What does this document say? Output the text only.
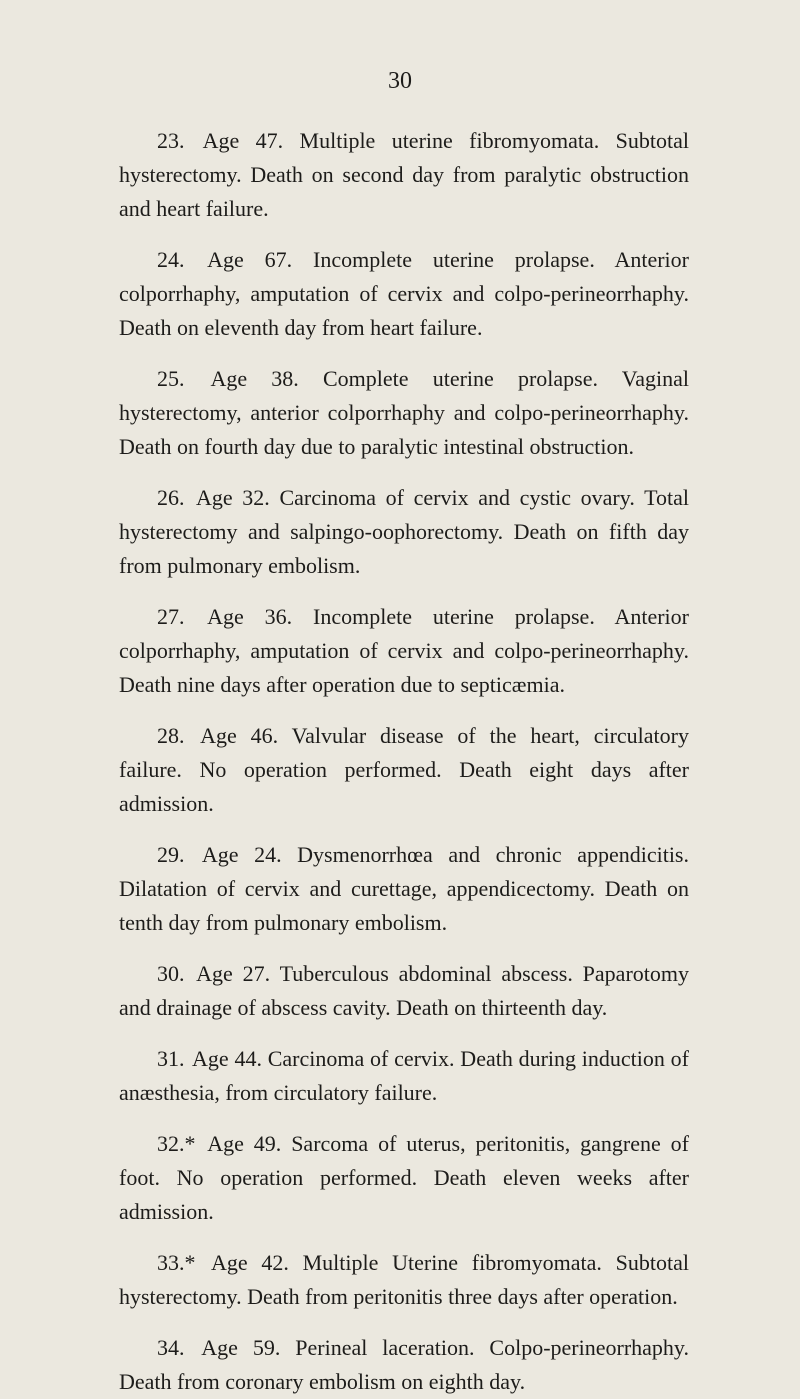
30

23. Age 47. Multiple uterine fibromyomata. Subtotal hysterectomy. Death on second day from paralytic obstruction and heart failure.

24. Age 67. Incomplete uterine prolapse. Anterior colporrhaphy, amputation of cervix and colpo-perineorrhaphy. Death on eleventh day from heart failure.

25. Age 38. Complete uterine prolapse. Vaginal hysterectomy, anterior colporrhaphy and colpo-perineorrhaphy. Death on fourth day due to paralytic intestinal obstruction.

26. Age 32. Carcinoma of cervix and cystic ovary. Total hysterectomy and salpingo-oophorectomy. Death on fifth day from pulmonary embolism.

27. Age 36. Incomplete uterine prolapse. Anterior colporrhaphy, amputation of cervix and colpo-perineorrhaphy. Death nine days after operation due to septicæmia.

28. Age 46. Valvular disease of the heart, circulatory failure. No operation performed. Death eight days after admission.

29. Age 24. Dysmenorrhœa and chronic appendicitis. Dilatation of cervix and curettage, appendicectomy. Death on tenth day from pulmonary embolism.

30. Age 27. Tuberculous abdominal abscess. Paparotomy and drainage of abscess cavity. Death on thirteenth day.

31. Age 44. Carcinoma of cervix. Death during induction of anæsthesia, from circulatory failure.

32.* Age 49. Sarcoma of uterus, peritonitis, gangrene of foot. No operation performed. Death eleven weeks after admission.

33.* Age 42. Multiple Uterine fibromyomata. Subtotal hysterectomy. Death from peritonitis three days after operation.

34. Age 59. Perineal laceration. Colpo-perineorrhaphy. Death from coronary embolism on eighth day.
